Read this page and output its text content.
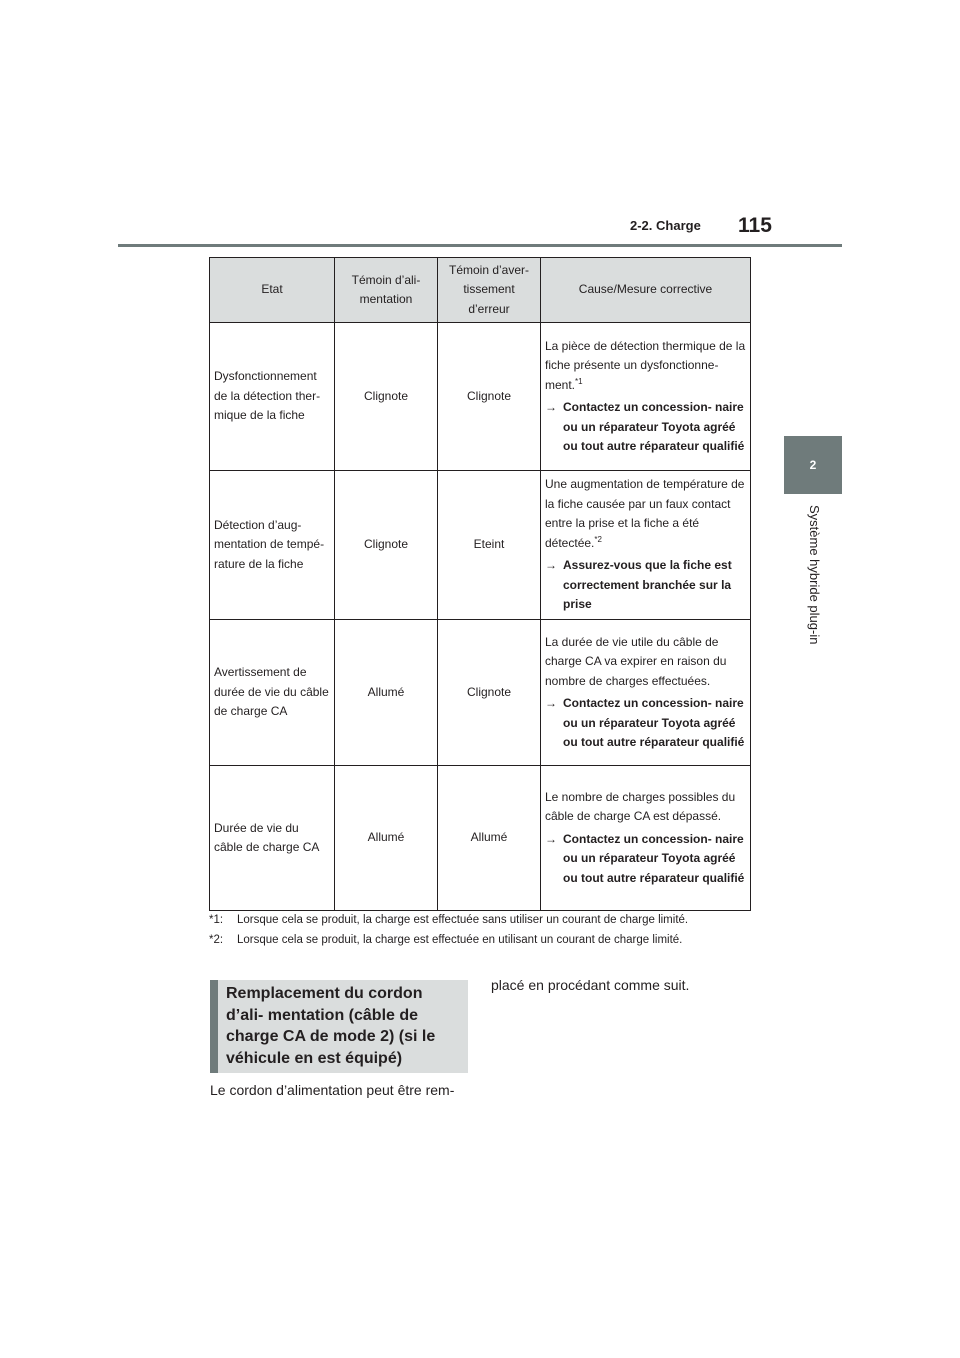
2-2. Charge 115
2
Système hybride plug-in
Etat	Témoin d’ali- mentation	Témoin d’aver- tissement d’erreur	Cause/Mesure corrective
Dysfonctionnement de la détection ther- mique de la fiche	Clignote	Clignote	La pièce de détection thermique de la fiche présente un dysfonctionne- ment.$^{*1}$
→ Contactez un concession- naire ou un réparateur Toyota agréé ou tout autre réparateur qualifié

Détection d’aug- mentation de tempé- rature de la fiche	Clignote	Eteint	Une augmentation de température de la fiche causée par un faux contact entre la prise et la fiche a été détectée.$^{*2}$
→ Assurez-vous que la fiche est correctement branchée sur la prise

Avertissement de durée de vie du câble de charge CA	Allumé	Clignote	La durée de vie utile du câble de charge CA va expirer en raison du nombre de charges effectuées.
→ Contactez un concession- naire ou un réparateur Toyota agréé ou tout autre réparateur qualifié

Durée de vie du câble de charge CA	Allumé	Allumé	Le nombre de charges possibles du câble de charge CA est dépassé.
→ Contactez un concession- naire ou un réparateur Toyota agréé ou tout autre réparateur qualifié
*1:	Lorsque cela se produit, la charge est effectuée sans utiliser un courant de charge limité.
*2:	Lorsque cela se produit, la charge est effectuée en utilisant un courant de charge limité.
Remplacement du cordon d’ali- mentation (câble de charge CA de mode 2) (si le véhicule en est équipé)
Le cordon d’alimentation peut être rem-
placé en procédant comme suit.
